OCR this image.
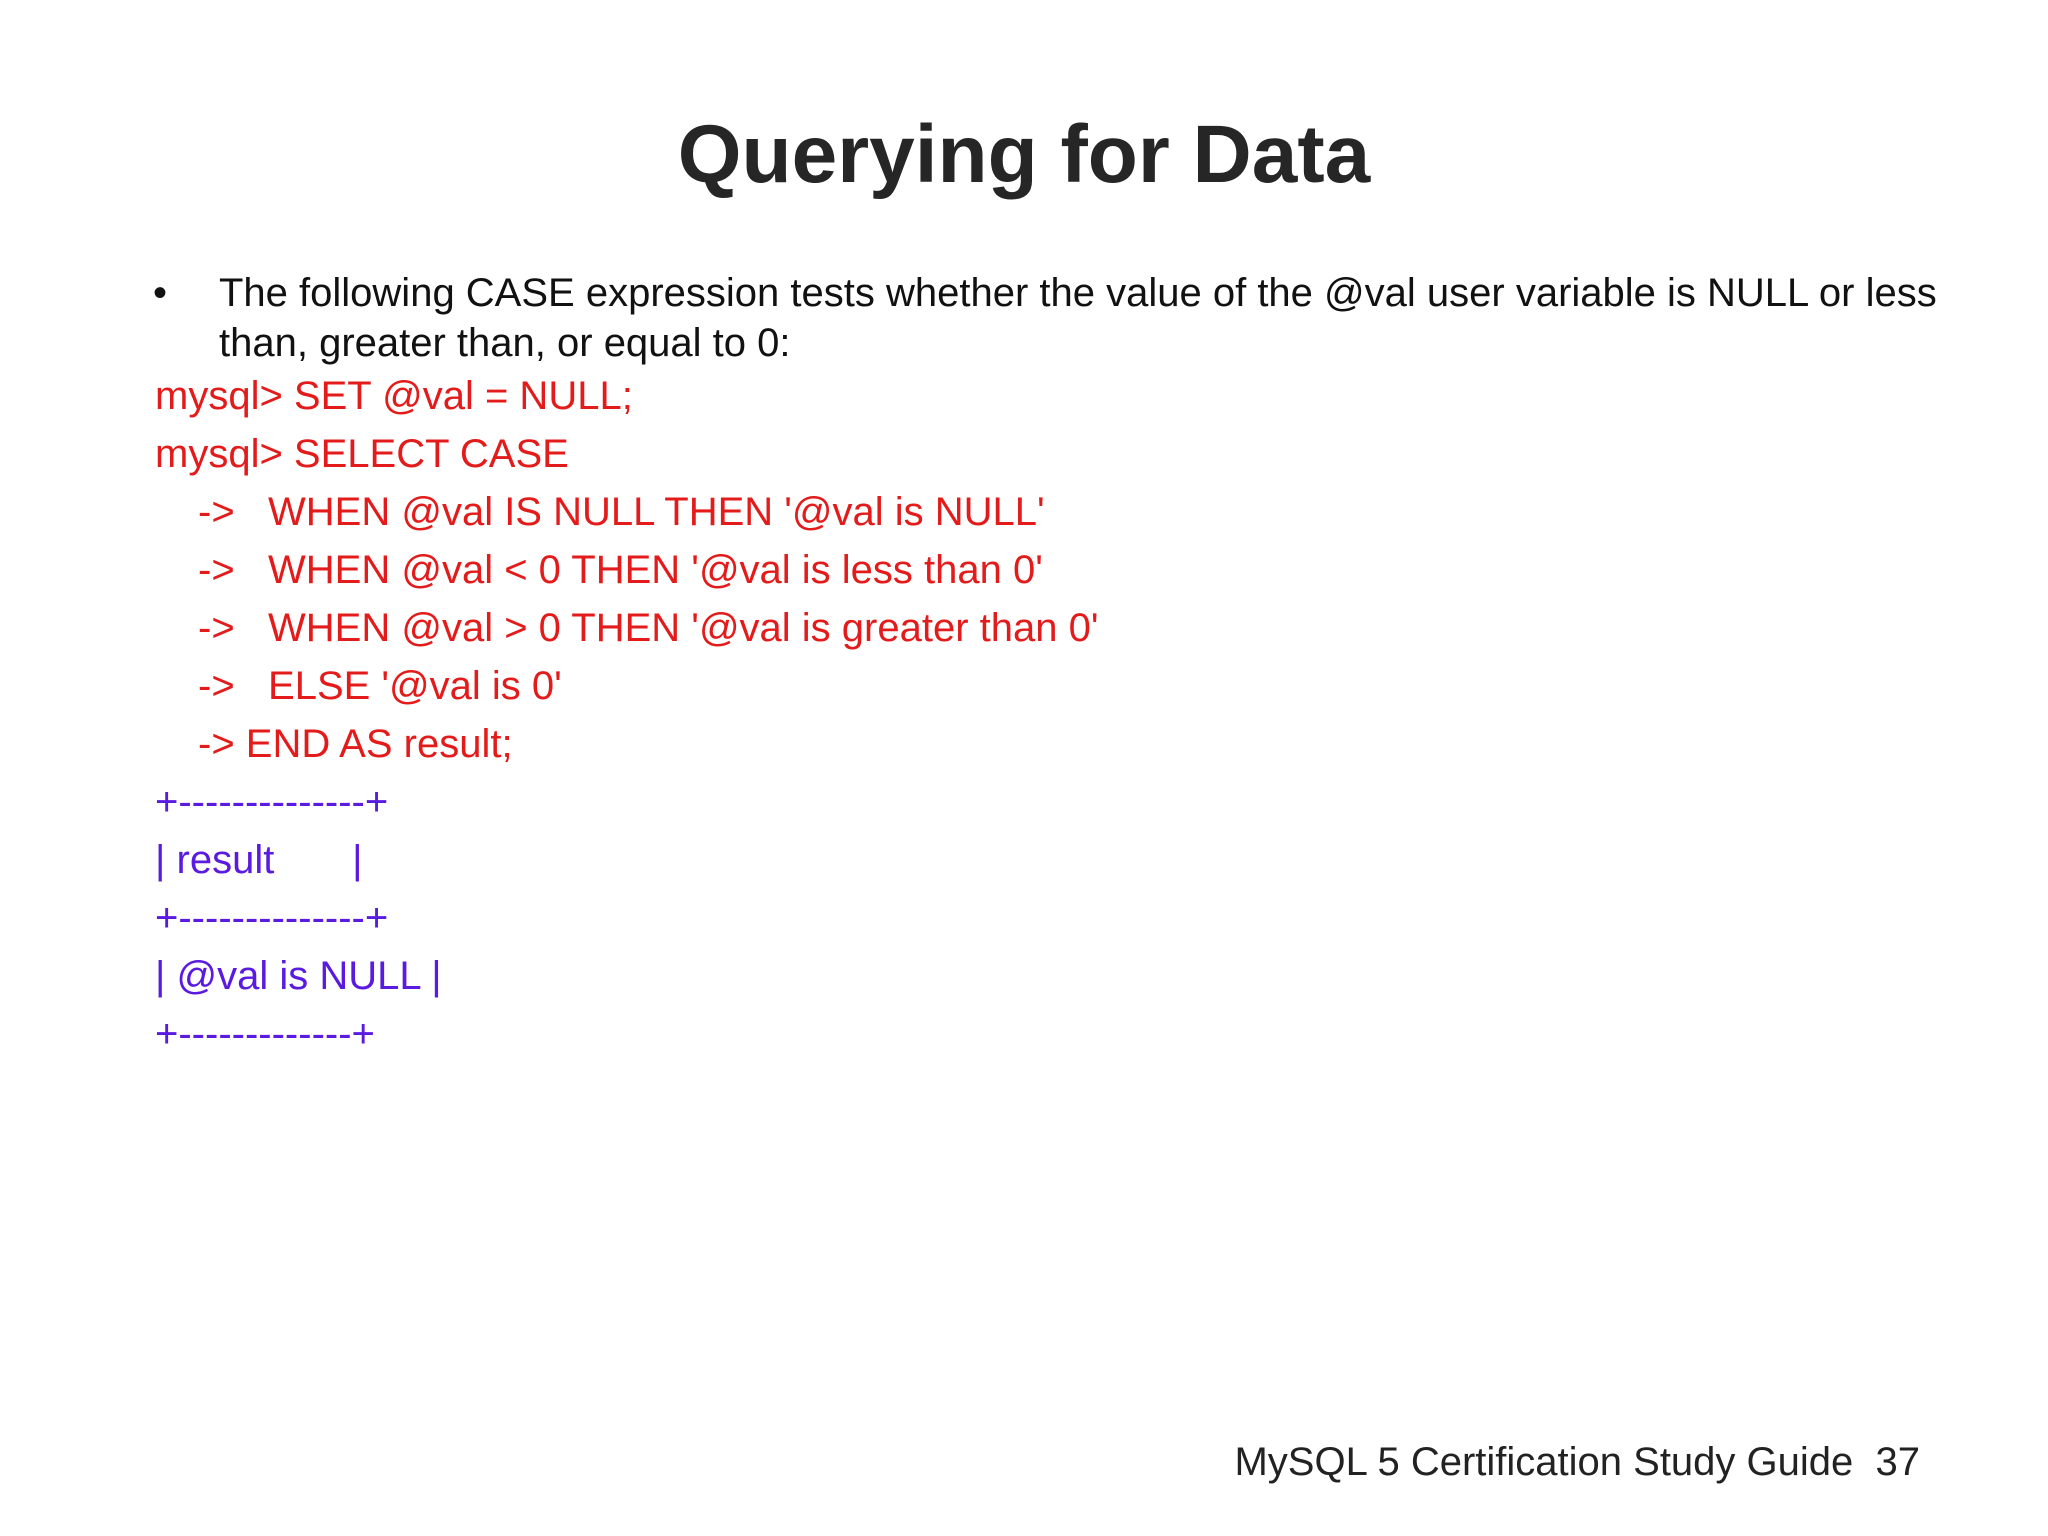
Querying for Data
•	The following CASE expression tests whether the value of the @val user variable is NULL or less than, greater than, or equal to 0:
mysql> SET @val = NULL;
mysql> SELECT CASE
->   WHEN @val IS NULL THEN '@val is NULL'
->   WHEN @val < 0 THEN '@val is less than 0'
->   WHEN @val > 0 THEN '@val is greater than 0'
->   ELSE '@val is 0'
-> END AS result;
+--------------+
| result       |
+--------------+
| @val is NULL |
+-------------+
MySQL 5 Certification Study Guide  37
